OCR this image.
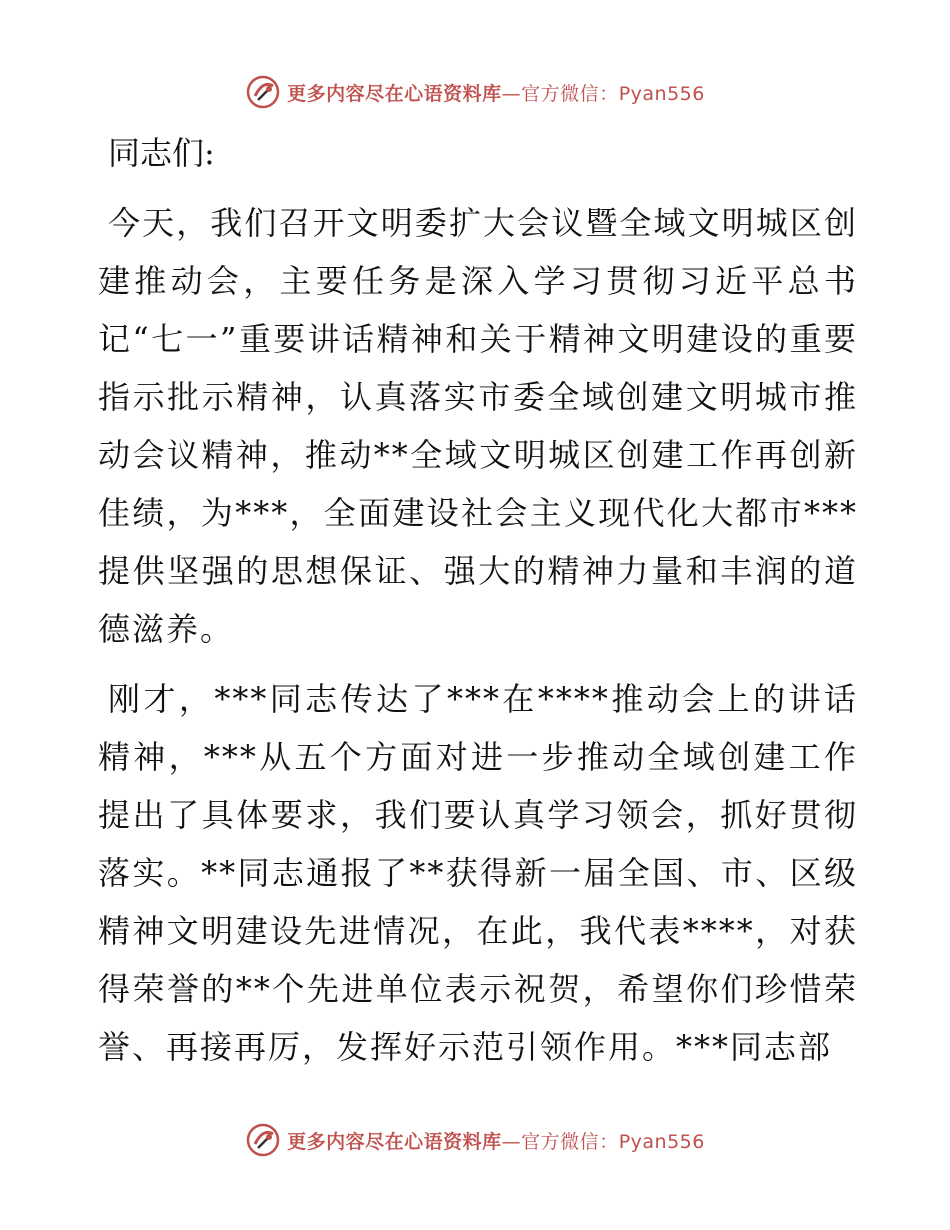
更多内容尽在心语资料库—官方微信：Pyan556
同志们:

今天，我们召开文明委扩大会议暨全域文明城区创建推动会，主要任务是深入学习贯彻习近平总书记“七一”重要讲话精神和关于精神文明建设的重要指示批示精神，认真落实市委全域创建文明城市推动会议精神，推动**全域文明城区创建工作再创新佳绩，为***，全面建设社会主义现代化大都市***提供坚强的思想保证、强大的精神力量和丰润的道德滋养。

刚才，***同志传达了***在****推动会上的讲话精神，***从五个方面对进一步推动全域创建工作提出了具体要求，我们要认真学习领会，抓好贯彻落实。**同志通报了**获得新一届全国、市、区级精神文明建设先进情况，在此，我代表****，对获得荣誉的**个先进单位表示祝贺，希望你们珍惜荣誉、再接再厉，发挥好示范引领作用。***同志部

更多内容尽在心语资料库—官方微信：Pyan556
